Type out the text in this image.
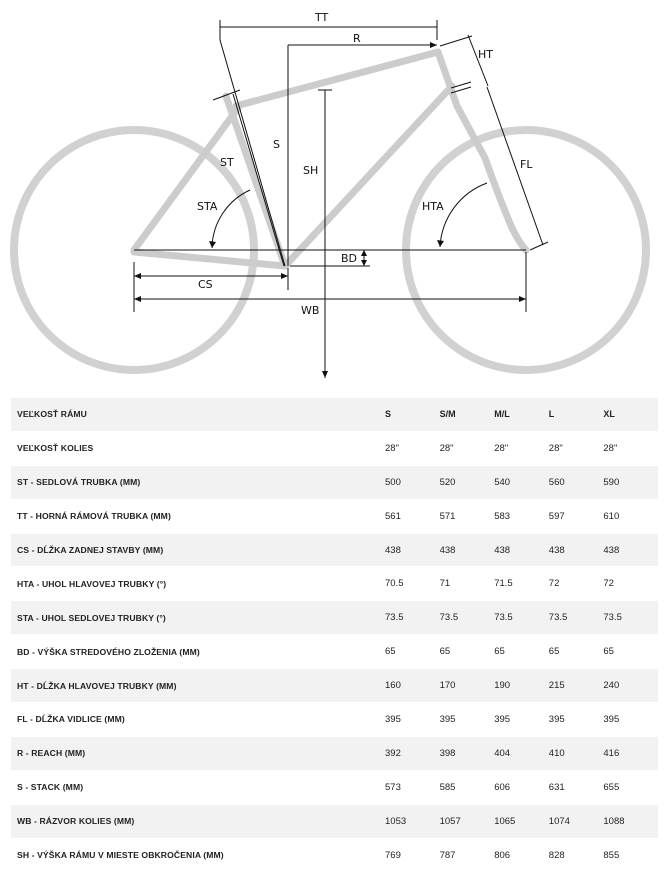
TT
R
HT
S
SH
ST
STA	HTA
FL
BD
CS
WB
VEĽKOSŤ RÁMU	S	S/M	M/L	L	XL
VEĽKOSŤ KOLIES	28"	28"	28"	28"	28"
ST - SEDLOVÁ TRUBKA (MM)	500	520	540	560	590
TT - HORNÁ RÁMOVÁ TRUBKA (MM)	561	571	583	597	610
CS - DĹŽKA ZADNEJ STAVBY (MM)	438	438	438	438	438
HTA - UHOL HLAVOVEJ TRUBKY (°)	70.5	71	71.5	72	72
STA - UHOL SEDLOVEJ TRUBKY (°)	73.5	73.5	73.5	73.5	73.5
BD - VÝŠKA STREDOVÉHO ZLOŽENIA (MM)	65	65	65	65	65
HT - DĹŽKA HLAVOVEJ TRUBKY (MM)	160	170	190	215	240
FL - DĹŽKA VIDLICE (MM)	395	395	395	395	395
R - REACH (MM)	392	398	404	410	416
S - STACK (MM)	573	585	606	631	655
WB - RÁZVOR KOLIES (MM)	1053	1057	1065	1074	1088
SH - VÝŠKA RÁMU V MIESTE OBKROČENIA (MM)	769	787	806	828	855
